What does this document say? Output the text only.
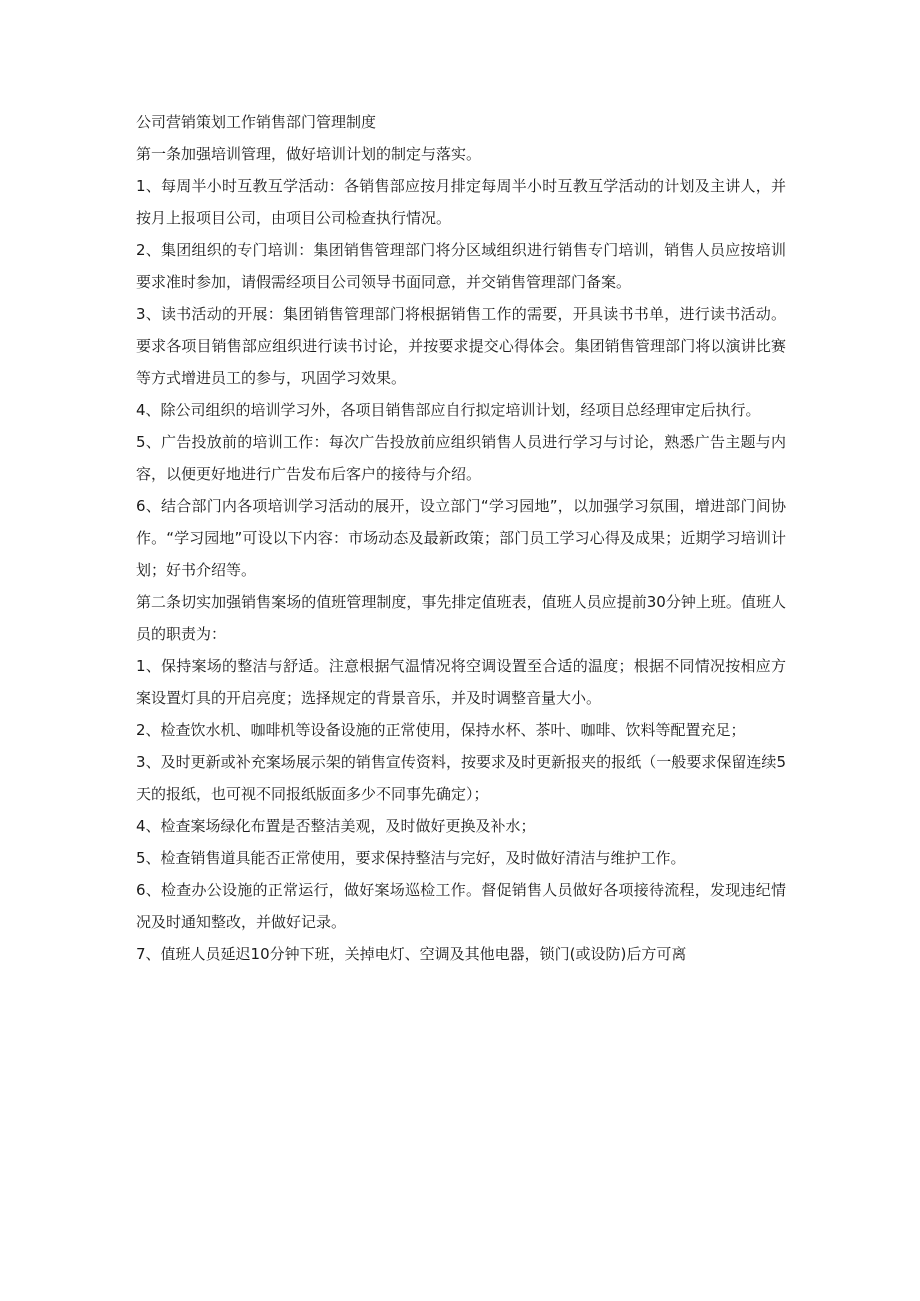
公司营销策划工作销售部门管理制度

第一条加强培训管理，做好培训计划的制定与落实。

1、每周半小时互教互学活动：各销售部应按月排定每周半小时互教互学活动的计划及主讲人，并按月上报项目公司，由项目公司检查执行情况。

2、集团组织的专门培训：集团销售管理部门将分区域组织进行销售专门培训，销售人员应按培训要求准时参加，请假需经项目公司领导书面同意，并交销售管理部门备案。

3、读书活动的开展：集团销售管理部门将根据销售工作的需要，开具读书书单，进行读书活动。要求各项目销售部应组织进行读书讨论，并按要求提交心得体会。集团销售管理部门将以演讲比赛等方式增进员工的参与，巩固学习效果。

4、除公司组织的培训学习外，各项目销售部应自行拟定培训计划，经项目总经理审定后执行。

5、广告投放前的培训工作：每次广告投放前应组织销售人员进行学习与讨论，熟悉广告主题与内容，以便更好地进行广告发布后客户的接待与介绍。

6、结合部门内各项培训学习活动的展开，设立部门“学习园地”，以加强学习氛围，增进部门间协作。“学习园地”可设以下内容：市场动态及最新政策；部门员工学习心得及成果；近期学习培训计划；好书介绍等。

第二条切实加强销售案场的值班管理制度，事先排定值班表，值班人员应提前30分钟上班。值班人员的职责为：

1、保持案场的整洁与舒适。注意根据气温情况将空调设置至合适的温度；根据不同情况按相应方案设置灯具的开启亮度；选择规定的背景音乐，并及时调整音量大小。

2、检查饮水机、咖啡机等设备设施的正常使用，保持水杯、茶叶、咖啡、饮料等配置充足；

3、及时更新或补充案场展示架的销售宣传资料，按要求及时更新报夹的报纸（一般要求保留连续5天的报纸，也可视不同报纸版面多少不同事先确定）；

4、检查案场绿化布置是否整洁美观，及时做好更换及补水；

5、检查销售道具能否正常使用，要求保持整洁与完好，及时做好清洁与维护工作。

6、检查办公设施的正常运行，做好案场巡检工作。督促销售人员做好各项接待流程，发现违纪情况及时通知整改，并做好记录。

7、值班人员延迟10分钟下班，关掉电灯、空调及其他电器，锁门(或设防)后方可离
